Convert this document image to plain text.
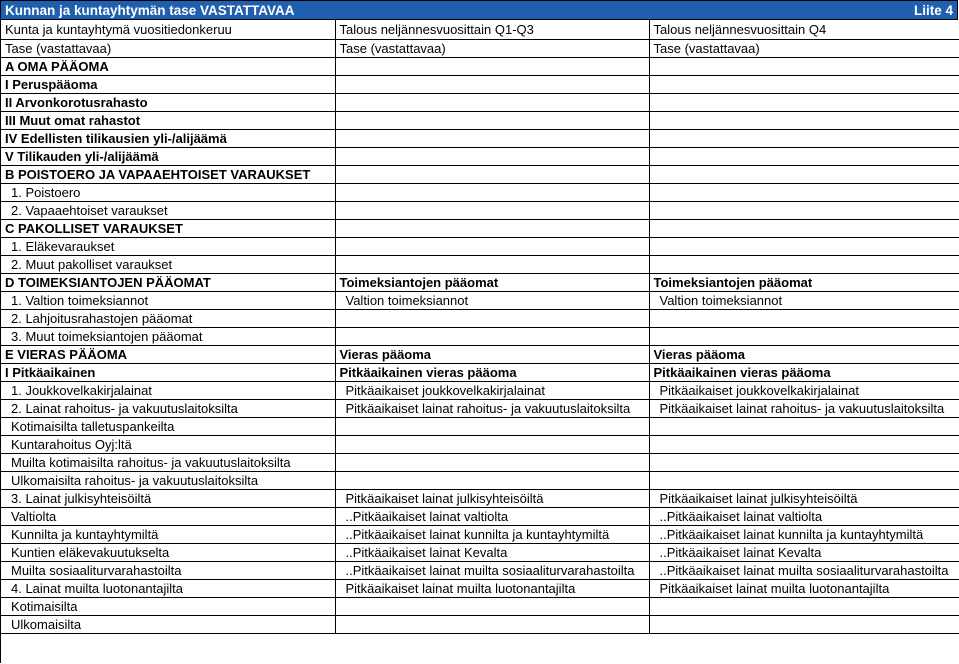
Kunnan ja kuntayhtymän tase VASTATTAVAA	Liite 4
Kunta ja kuntayhtymä vuositiedonkeruu	Talous neljännesvuosittain Q1-Q3	Talous neljännesvuosittain Q4
Tase (vastattavaa)	Tase (vastattavaa)	Tase (vastattavaa)
A OMA PÄÄOMA		
I Peruspääoma		
II Arvonkorotusrahasto		
III Muut omat rahastot		
IV Edellisten tilikausien yli-/alijäämä		
V Tilikauden yli-/alijäämä		
B POISTOERO JA VAPAAEHTOISET VARAUKSET		
1. Poistoero		
2. Vapaaehtoiset varaukset		
C PAKOLLISET VARAUKSET		
1. Eläkevaraukset		
2. Muut pakolliset varaukset		
D TOIMEKSIANTOJEN PÄÄOMAT	Toimeksiantojen pääomat	Toimeksiantojen pääomat
1. Valtion toimeksiannot	Valtion toimeksiannot	Valtion toimeksiannot
2. Lahjoitusrahastojen pääomat		
3. Muut toimeksiantojen pääomat		
E VIERAS PÄÄOMA	Vieras pääoma	Vieras pääoma
I Pitkäaikainen	Pitkäaikainen vieras pääoma	Pitkäaikainen vieras pääoma
1. Joukkovelkakirjalainat	Pitkäaikaiset joukkovelkakirjalainat	Pitkäaikaiset joukkovelkakirjalainat
2. Lainat rahoitus- ja vakuutuslaitoksilta	Pitkäaikaiset lainat rahoitus- ja vakuutuslaitoksilta	Pitkäaikaiset lainat rahoitus- ja vakuutuslaitoksilta
Kotimaisilta talletuspankeilta		
Kuntarahoitus Oyj:ltä		
Muilta kotimaisilta rahoitus- ja vakuutuslaitoksilta		
Ulkomaisilta rahoitus- ja vakuutuslaitoksilta		
3. Lainat julkisyhteisöiltä	Pitkäaikaiset lainat julkisyhteisöiltä	Pitkäaikaiset lainat julkisyhteisöiltä
Valtiolta	..Pitkäaikaiset lainat valtiolta	..Pitkäaikaiset lainat valtiolta
Kunnilta ja kuntayhtymiltä	..Pitkäaikaiset lainat kunnilta ja kuntayhtymiltä	..Pitkäaikaiset lainat kunnilta ja kuntayhtymiltä
Kuntien eläkevakuutukselta	..Pitkäaikaiset lainat Kevalta	..Pitkäaikaiset lainat Kevalta
Muilta sosiaaliturvarahastoilta	..Pitkäaikaiset lainat muilta sosiaaliturvarahastoilta	..Pitkäaikaiset lainat muilta sosiaaliturvarahastoilta
4. Lainat muilta luotonantajilta	Pitkäaikaiset lainat muilta luotonantajilta	Pitkäaikaiset lainat muilta luotonantajilta
Kotimaisilta		
Ulkomaisilta		
